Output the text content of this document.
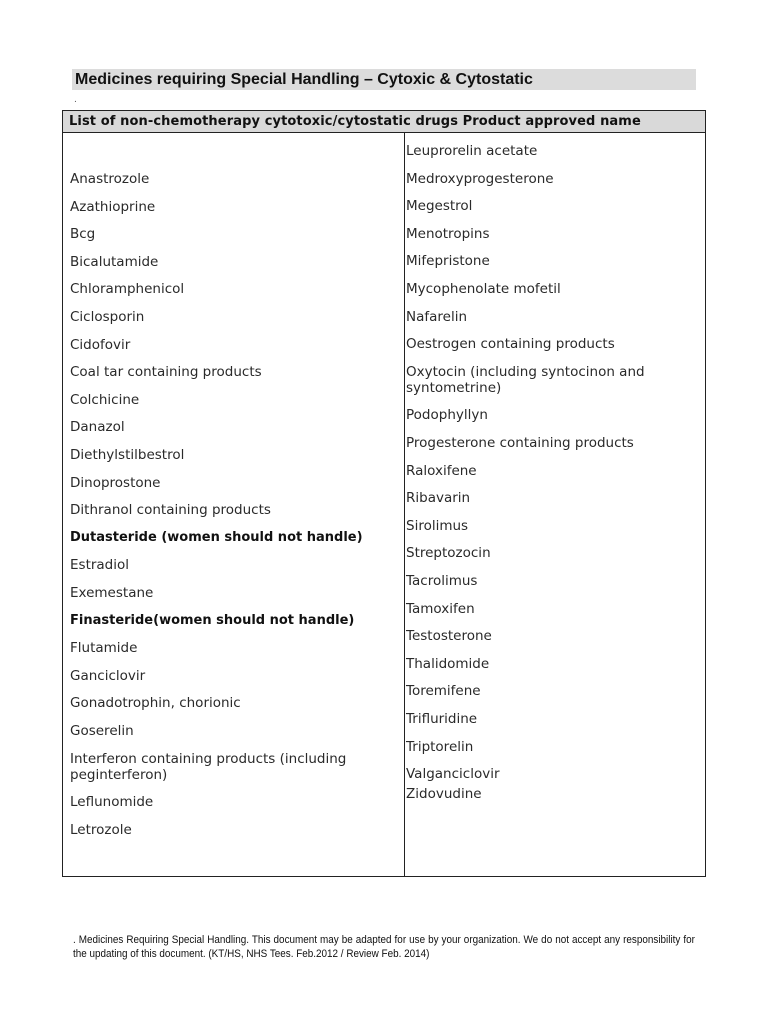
Medicines requiring Special Handling – Cytoxic & Cytostatic
.
List of non-chemotherapy cytotoxic/cytostatic drugs Product approved name
Anastrozole
Azathioprine
Bcg
Bicalutamide
Chloramphenicol
Ciclosporin
Cidofovir
Coal tar containing products
Colchicine
Danazol
Diethylstilbestrol
Dinoprostone
Dithranol containing products
Dutasteride (women should not handle)
Estradiol
Exemestane
Finasteride(women should not handle)
Flutamide
Ganciclovir
Gonadotrophin, chorionic
Goserelin
Interferon containing products (including peginterferon)
Leflunomide
Letrozole
Leuprorelin acetate
Medroxyprogesterone
Megestrol
Menotropins
Mifepristone
Mycophenolate mofetil
Nafarelin
Oestrogen containing products
Oxytocin (including syntocinon and syntometrine)
Podophyllyn
Progesterone containing products
Raloxifene
Ribavarin
Sirolimus
Streptozocin
Tacrolimus
Tamoxifen
Testosterone
Thalidomide
Toremifene
Trifluridine
Triptorelin
Valganciclovir
Zidovudine
. Medicines Requiring Special Handling. This document may be adapted for use by your organization. We do not accept any responsibility for the updating of this document. (KT/HS, NHS Tees. Feb.2012 / Review Feb. 2014)
